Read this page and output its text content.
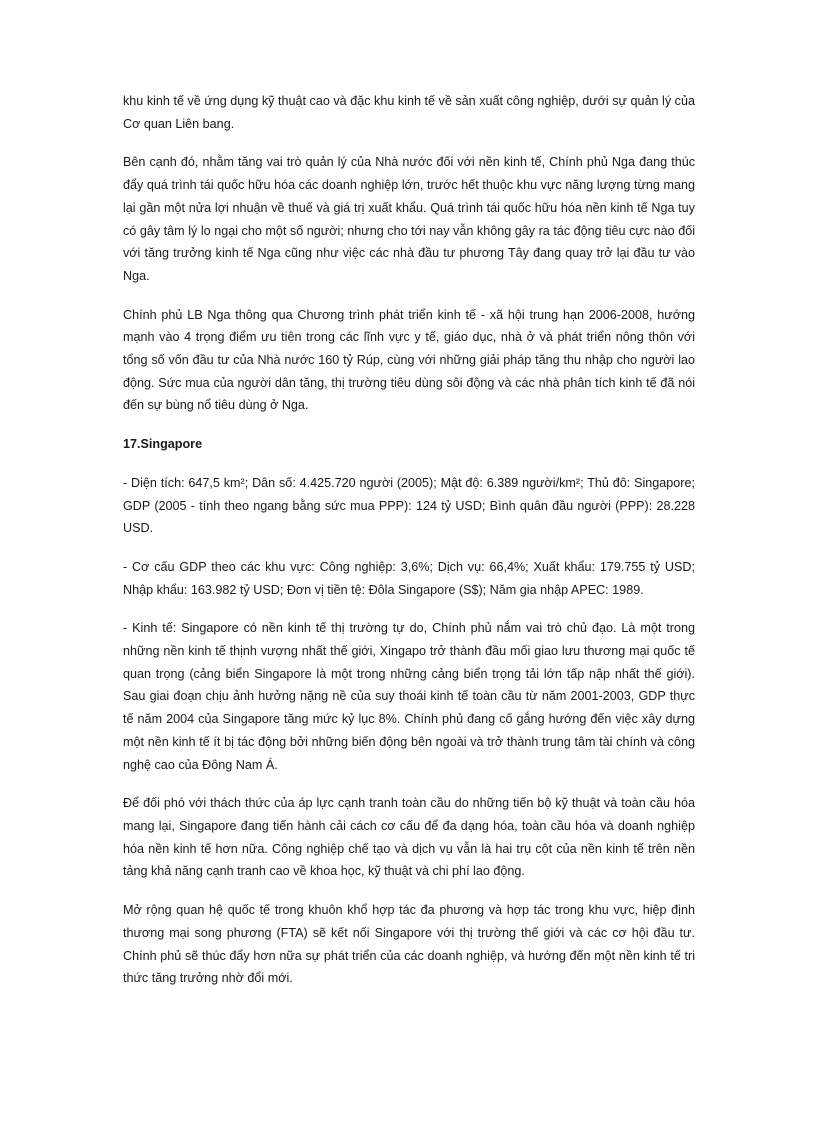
khu kinh tế về ứng dụng kỹ thuật cao và đặc khu kinh tế về sản xuất công nghiệp, dưới sự quản lý của Cơ quan Liên bang.

Bên cạnh đó, nhằm tăng vai trò quản lý của Nhà nước đối với nền kinh tế, Chính phủ Nga đang thúc đẩy quá trình tái quốc hữu hóa các doanh nghiệp lớn, trước hết thuộc khu vực năng lượng từng mang lại gần một nửa lợi nhuận về thuế và giá trị xuất khẩu. Quá trình tái quốc hữu hóa nền kinh tế Nga tuy có gây tâm lý lo ngại cho một số người; nhưng cho tới nay vẫn không gây ra tác động tiêu cực nào đối với tăng trưởng kinh tế Nga cũng như việc các nhà đầu tư phương Tây đang quay trở lại đầu tư vào Nga.

Chính phủ LB Nga thông qua Chương trình phát triển kinh tế - xã hội trung hạn 2006-2008, hướng mạnh vào 4 trọng điểm ưu tiên trong các lĩnh vực y tế, giáo dục, nhà ở và phát triển nông thôn với tổng số vốn đầu tư của Nhà nước 160 tỷ Rúp, cùng với những giải pháp tăng thu nhập cho người lao động. Sức mua của người dân tăng, thị trường tiêu dùng sôi động và các nhà phân tích kinh tế đã nói đến sự bùng nổ tiêu dùng ở Nga.

17.Singapore

- Diện tích: 647,5 km²; Dân số: 4.425.720 người (2005); Mật độ: 6.389 người/km²; Thủ đô: Singapore; GDP (2005 - tính theo ngang bằng sức mua PPP): 124 tỷ USD; Bình quân đầu người (PPP): 28.228 USD.

- Cơ cấu GDP theo các khu vực: Công nghiệp: 3,6%; Dịch vụ: 66,4%; Xuất khẩu: 179.755 tỷ USD; Nhập khẩu: 163.982 tỷ USD; Đơn vị tiền tệ: Đôla Singapore (S$); Năm gia nhập APEC: 1989.

- Kinh tế: Singapore có nền kinh tế thị trường tự do, Chính phủ nắm vai trò chủ đạo. Là một trong những nền kinh tế thịnh vượng nhất thế giới, Xingapo trở thành đầu mối giao lưu thương mại quốc tế quan trọng (cảng biển Singapore là một trong những cảng biển trọng tải lớn tấp nập nhất thế giới). Sau giai đoạn chịu ảnh hưởng nặng nề của suy thoái kinh tế toàn cầu từ năm 2001-2003, GDP thực tế năm 2004 của Singapore tăng mức kỷ lục 8%. Chính phủ đang cố gắng hướng đến việc xây dựng một nền kinh tế ít bị tác động bởi những biến động bên ngoài và trở thành trung tâm tài chính và công nghệ cao của Đông Nam Á.

Để đối phó với thách thức của áp lực cạnh tranh toàn cầu do những tiến bộ kỹ thuật và toàn cầu hóa mang lại, Singapore đang tiến hành cải cách cơ cấu để đa dạng hóa, toàn cầu hóa và doanh nghiệp hóa nền kinh tế hơn nữa. Công nghiệp chế tạo và dịch vụ vẫn là hai trụ cột của nền kinh tế trên nền tảng khả năng cạnh tranh cao về khoa học, kỹ thuật và chi phí lao động.

Mở rộng quan hệ quốc tế trong khuôn khổ hợp tác đa phương và hợp tác trong khu vực, hiệp định thương mại song phương (FTA) sẽ kết nối Singapore với thị trường thế giới và các cơ hội đầu tư. Chính phủ sẽ thúc đẩy hơn nữa sự phát triển của các doanh nghiệp, và hướng đến một nền kinh tế tri thức tăng trưởng nhờ đổi mới.
